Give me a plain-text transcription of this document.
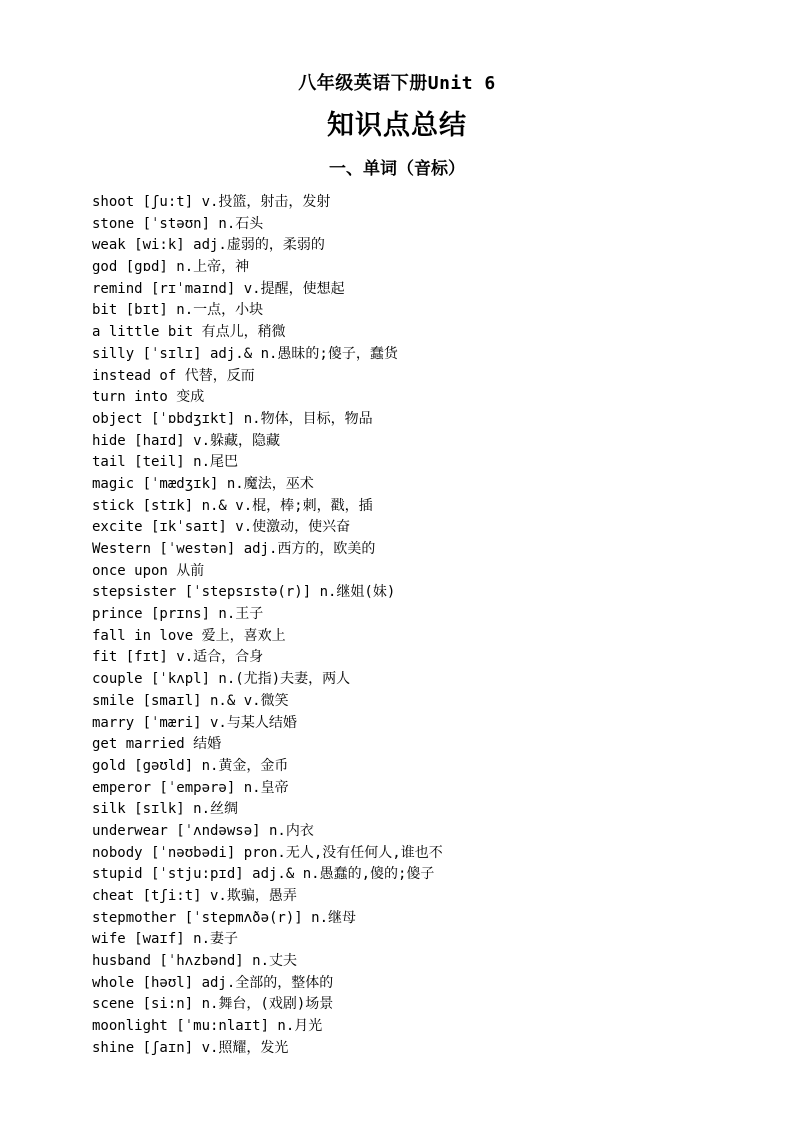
八年级英语下册Unit 6
知识点总结
一、单词（音标）
shoot [ʃu:t] v.投篮，射击，发射
stone [ˈstəʊn] n.石头
weak [wi:k] adj.虚弱的，柔弱的
god [gɒd] n.上帝，神
remind [rɪˈmaɪnd] v.提醒，使想起
bit [bɪt] n.一点，小块
a little bit 有点儿，稍微
silly [ˈsɪlɪ] adj.& n.愚昧的;傻子，蠢货
instead of 代替，反而
turn into 变成
object [ˈɒbdʒɪkt] n.物体，目标，物品
hide [haɪd] v.躲藏，隐藏
tail [teil] n.尾巴
magic [ˈmædʒɪk] n.魔法，巫术
stick [stɪk] n.& v.棍，棒;刺，戳，插
excite [ɪkˈsaɪt] v.使激动，使兴奋
Western [ˈwestən] adj.西方的，欧美的
once upon 从前
stepsister [ˈstepsɪstə(r)] n.继姐(妹)
prince [prɪns] n.王子
fall in love 爱上，喜欢上
fit [fɪt] v.适合，合身
couple [ˈkʌpl] n.(尤指)夫妻，两人
smile [smaɪl] n.& v.微笑
marry [ˈmæri] v.与某人结婚
get married 结婚
gold [gəʊld] n.黄金，金币
emperor [ˈempərə] n.皇帝
silk [sɪlk] n.丝绸
underwear [ˈʌndəwsə] n.内衣
nobody [ˈnəʊbədi] pron.无人,没有任何人,谁也不
stupid [ˈstju:pɪd] adj.& n.愚蠢的,傻的;傻子
cheat [tʃi:t] v.欺骗，愚弄
stepmother [ˈstepmʌðə(r)] n.继母
wife [waɪf] n.妻子
husband [ˈhʌzbənd] n.丈夫
whole [həʊl] adj.全部的，整体的
scene [si:n] n.舞台，(戏剧)场景
moonlight [ˈmu:nlaɪt] n.月光
shine [ʃaɪn] v.照耀，发光
